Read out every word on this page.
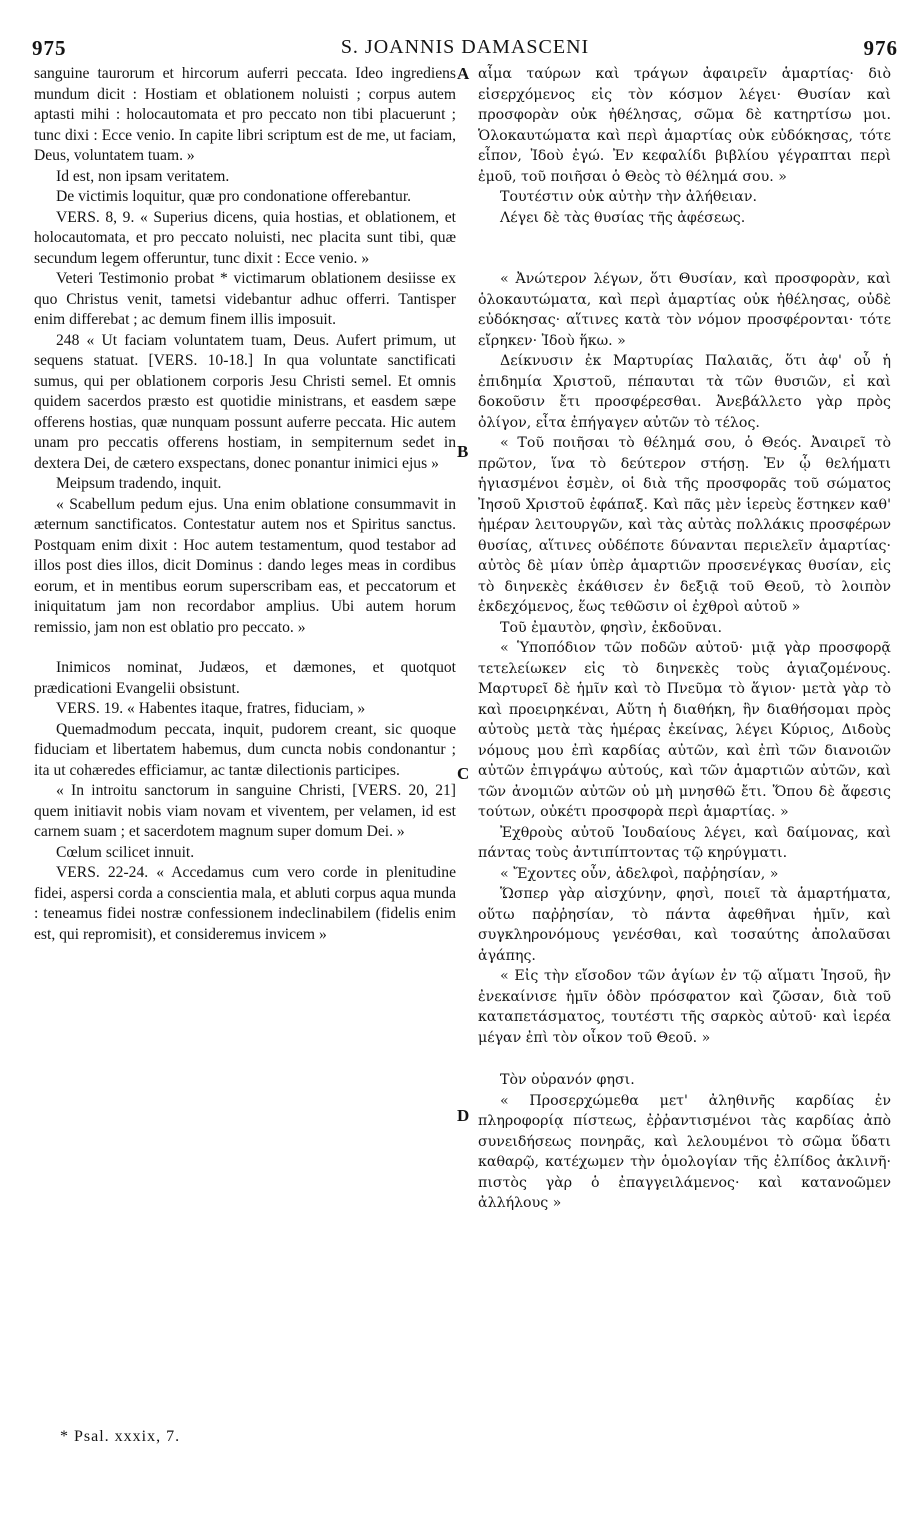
975	S. JOANNIS DAMASCENI	976

sanguine taurorum et hircorum auferri peccata. Ideo ingrediens mundum dicit : Hostiam et oblationem noluisti ; corpus autem aptasti mihi : holocautomata et pro peccato non tibi placuerunt ; tunc dixi : Ecce venio. In capite libri scriptum est de me, ut faciam, Deus, voluntatem tuam. »

Id est, non ipsam veritatem.

De victimis loquitur, quæ pro condonatione offerebantur.

VERS. 8, 9. « Superius dicens, quia hostias, et oblationem, et holocautomata, et pro peccato noluisti, nec placita sunt tibi, quæ secundum legem offeruntur, tunc dixit : Ecce venio. »

Veteri Testimonio probat * victimarum oblationem desiisse ex quo Christus venit, tametsi videbantur adhuc offerri. Tantisper enim differebat ; ac demum finem illis imposuit.

248 « Ut faciam voluntatem tuam, Deus. Aufert primum, ut sequens statuat. [VERS. 10-18.] In qua voluntate sanctificati sumus, qui per oblationem corporis Jesu Christi semel. Et omnis quidem sacerdos præsto est quotidie ministrans, et easdem sæpe offerens hostias, quæ nunquam possunt auferre peccata. Hic autem unam pro peccatis offerens hostiam, in sempiternum sedet in dextera Dei, de cætero exspectans, donec ponantur inimici ejus »

Meipsum tradendo, inquit.

« Scabellum pedum ejus. Una enim oblatione consummavit in æternum sanctificatos. Contestatur autem nos et Spiritus sanctus. Postquam enim dixit : Hoc autem testamentum, quod testabor ad illos post dies illos, dicit Dominus : dando leges meas in cordibus eorum, et in mentibus eorum superscribam eas, et peccatorum et iniquitatum jam non recordabor amplius. Ubi autem horum remissio, jam non est oblatio pro peccato. »

Inimicos nominat, Judæos, et dæmones, et quotquot prædicationi Evangelii obsistunt.

VERS. 19. « Habentes itaque, fratres, fiduciam, »

Quemadmodum peccata, inquit, pudorem creant, sic quoque fiduciam et libertatem habemus, dum cuncta nobis condonantur ; ita ut cohæredes efficiamur, ac tantæ dilectionis participes.

« In introitu sanctorum in sanguine Christi, [VERS. 20, 21] quem initiavit nobis viam novam et viventem, per velamen, id est carnem suam ; et sacerdotem magnum super domum Dei. »

Cœlum scilicet innuit.

VERS. 22-24. « Accedamus cum vero corde in plenitudine fidei, aspersi corda a conscientia mala, et abluti corpus aqua munda : teneamus fidei nostræ confessionem indeclinabilem (fidelis enim est, qui repromisit), et consideremus invicem »

A
B
C
D

αἷμα ταύρων καὶ τράγων ἀφαιρεῖν ἁμαρτίας· διὸ εἰσερχόμενος εἰς τὸν κόσμον λέγει· Θυσίαν καὶ προσφορὰν οὐκ ἠθέλησας, σῶμα δὲ κατηρτίσω μοι. Ὁλοκαυτώματα καὶ περὶ ἁμαρτίας οὐκ εὐδόκησας, τότε εἶπον, Ἰδοὺ ἐγώ. Ἐν κεφαλίδι βιβλίου γέγραπται περὶ ἐμοῦ, τοῦ ποιῆσαι ὁ Θεὸς τὸ θέλημά σου. »

Τουτέστιν οὐκ αὐτὴν τὴν ἀλήθειαν.

Λέγει δὲ τὰς θυσίας τῆς ἀφέσεως.

« Ἀνώτερον λέγων, ὅτι Θυσίαν, καὶ προσφορὰν, καὶ ὁλοκαυτώματα, καὶ περὶ ἁμαρτίας οὐκ ἠθέλησας, οὐδὲ εὐδόκησας· αἵτινες κατὰ τὸν νόμον προσφέρονται· τότε εἴρηκεν· Ἰδοὺ ἥκω. »

Δείκνυσιν ἐκ Μαρτυρίας Παλαιᾶς, ὅτι ἀφ' οὗ ἡ ἐπιδημία Χριστοῦ, πέπαυται τὰ τῶν θυσιῶν, εἰ καὶ δοκοῦσιν ἔτι προσφέρεσθαι. Ἀνεβάλλετο γὰρ πρὸς ὀλίγον, εἶτα ἐπήγαγεν αὐτῶν τὸ τέλος.

« Τοῦ ποιῆσαι τὸ θέλημά σου, ὁ Θεός. Ἀναιρεῖ τὸ πρῶτον, ἵνα τὸ δεύτερον στήσῃ. Ἐν ᾧ θελήματι ἡγιασμένοι ἐσμὲν, οἱ διὰ τῆς προσφορᾶς τοῦ σώματος Ἰησοῦ Χριστοῦ ἐφάπαξ. Καὶ πᾶς μὲν ἱερεὺς ἕστηκεν καθ' ἡμέραν λειτουργῶν, καὶ τὰς αὐτὰς πολλάκις προσφέρων θυσίας, αἵτινες οὐδέποτε δύνανται περιελεῖν ἁμαρτίας· αὐτὸς δὲ μίαν ὑπὲρ ἁμαρτιῶν προσενέγκας θυσίαν, εἰς τὸ διηνεκὲς ἐκάθισεν ἐν δεξιᾷ τοῦ Θεοῦ, τὸ λοιπὸν ἐκδεχόμενος, ἕως τεθῶσιν οἱ ἐχθροὶ αὐτοῦ »

Τοῦ ἐμαυτὸν, φησὶν, ἐκδοῦναι.

« Ὑποπόδιον τῶν ποδῶν αὐτοῦ· μιᾷ γὰρ προσφορᾷ τετελείωκεν εἰς τὸ διηνεκὲς τοὺς ἁγιαζομένους. Μαρτυρεῖ δὲ ἡμῖν καὶ τὸ Πνεῦμα τὸ ἅγιον· μετὰ γὰρ τὸ καὶ προειρηκέναι, Αὕτη ἡ διαθήκη, ἣν διαθήσομαι πρὸς αὐτοὺς μετὰ τὰς ἡμέρας ἐκείνας, λέγει Κύριος, Διδοὺς νόμους μου ἐπὶ καρδίας αὐτῶν, καὶ ἐπὶ τῶν διανοιῶν αὐτῶν ἐπιγράψω αὐτούς, καὶ τῶν ἁμαρτιῶν αὐτῶν, καὶ τῶν ἀνομιῶν αὐτῶν οὐ μὴ μνησθῶ ἔτι. Ὅπου δὲ ἄφεσις τούτων, οὐκέτι προσφορὰ περὶ ἁμαρτίας. »

Ἐχθροὺς αὐτοῦ Ἰουδαίους λέγει, καὶ δαίμονας, καὶ πάντας τοὺς ἀντιπίπτοντας τῷ κηρύγματι.

« Ἔχοντες οὖν, ἀδελφοὶ, παῤῥησίαν, »

Ὥσπερ γὰρ αἰσχύνην, φησὶ, ποιεῖ τὰ ἁμαρτήματα, οὕτω παῤῥησίαν, τὸ πάντα ἀφεθῆναι ἡμῖν, καὶ συγκληρονόμους γενέσθαι, καὶ τοσαύτης ἀπολαῦσαι ἀγάπης.

« Εἰς τὴν εἴσοδον τῶν ἁγίων ἐν τῷ αἵματι Ἰησοῦ, ἣν ἐνεκαίνισε ἡμῖν ὁδὸν πρόσφατον καὶ ζῶσαν, διὰ τοῦ καταπετάσματος, τουτέστι τῆς σαρκὸς αὐτοῦ· καὶ ἱερέα μέγαν ἐπὶ τὸν οἶκον τοῦ Θεοῦ. »

Τὸν οὐρανόν φησι.

« Προσερχώμεθα μετ' ἀληθινῆς καρδίας ἐν πληροφορίᾳ πίστεως, ἐῤῥαντισμένοι τὰς καρδίας ἀπὸ συνειδήσεως πονηρᾶς, καὶ λελουμένοι τὸ σῶμα ὕδατι καθαρῷ, κατέχωμεν τὴν ὁμολογίαν τῆς ἐλπίδος ἀκλινῆ· πιστὸς γὰρ ὁ ἐπαγγειλάμενος· καὶ κατανοῶμεν ἀλλήλους »

* Psal. xxxix, 7.
